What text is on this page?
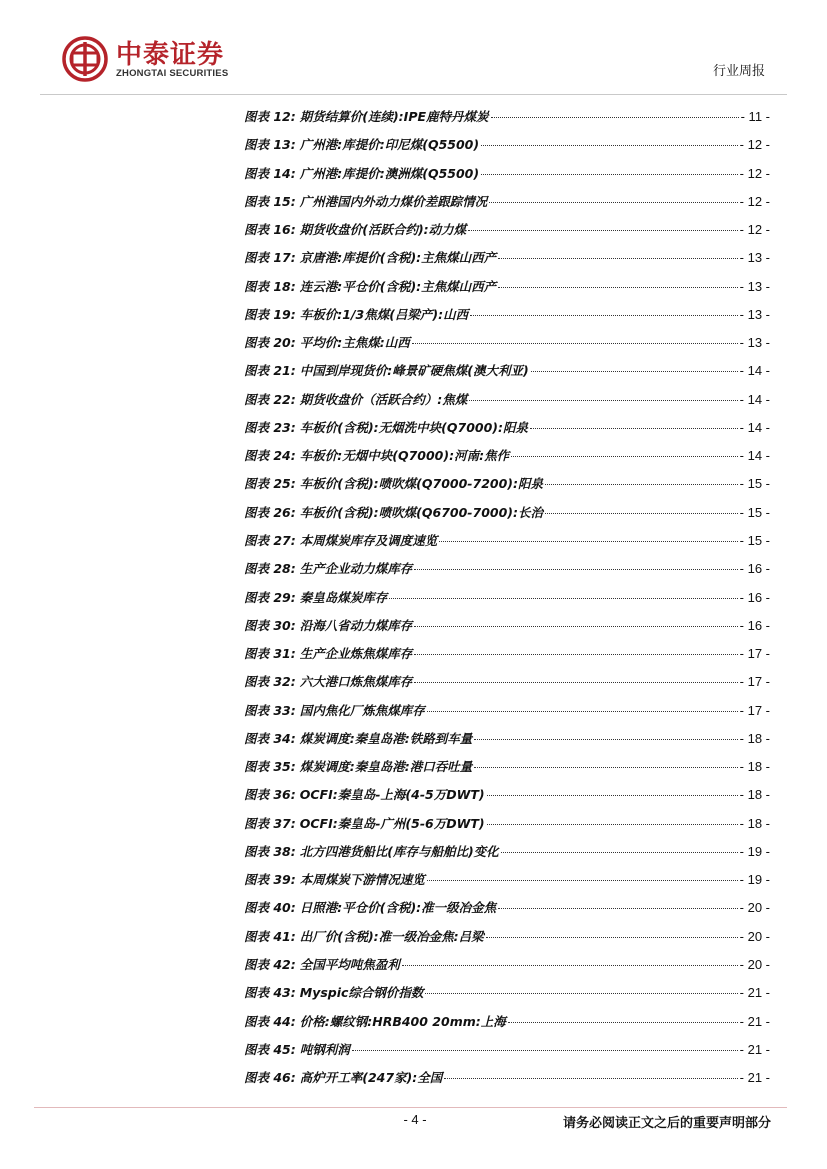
中泰证券
ZHONGTAI SECURITIES	行业周报
图表 12: 期货结算价(连续):IPE鹿特丹煤炭	- 11 -
图表 13: 广州港:库提价:印尼煤(Q5500)	- 12 -
图表 14: 广州港:库提价:澳洲煤(Q5500)	- 12 -
图表 15: 广州港国内外动力煤价差跟踪情况	- 12 -
图表 16: 期货收盘价(活跃合约):动力煤	- 12 -
图表 17: 京唐港:库提价(含税):主焦煤山西产	- 13 -
图表 18: 连云港:平仓价(含税):主焦煤山西产	- 13 -
图表 19: 车板价:1/3焦煤(吕梁产):山西	- 13 -
图表 20: 平均价:主焦煤:山西	- 13 -
图表 21: 中国到岸现货价:峰景矿硬焦煤(澳大利亚)	- 14 -
图表 22: 期货收盘价（活跃合约）:焦煤	- 14 -
图表 23: 车板价(含税):无烟洗中块(Q7000):阳泉	- 14 -
图表 24: 车板价:无烟中块(Q7000):河南:焦作	- 14 -
图表 25: 车板价(含税):喷吹煤(Q7000-7200):阳泉	- 15 -
图表 26: 车板价(含税):喷吹煤(Q6700-7000):长治	- 15 -
图表 27: 本周煤炭库存及调度速览	- 15 -
图表 28: 生产企业动力煤库存	- 16 -
图表 29: 秦皇岛煤炭库存	- 16 -
图表 30: 沿海八省动力煤库存	- 16 -
图表 31: 生产企业炼焦煤库存	- 17 -
图表 32: 六大港口炼焦煤库存	- 17 -
图表 33: 国内焦化厂炼焦煤库存	- 17 -
图表 34: 煤炭调度:秦皇岛港:铁路到车量	- 18 -
图表 35: 煤炭调度:秦皇岛港:港口吞吐量	- 18 -
图表 36: OCFI:秦皇岛-上海(4-5万DWT)	- 18 -
图表 37: OCFI:秦皇岛-广州(5-6万DWT)	- 18 -
图表 38: 北方四港货船比(库存与船舶比)变化	- 19 -
图表 39: 本周煤炭下游情况速览	- 19 -
图表 40: 日照港:平仓价(含税):准一级冶金焦	- 20 -
图表 41: 出厂价(含税):准一级冶金焦:吕梁	- 20 -
图表 42: 全国平均吨焦盈利	- 20 -
图表 43: Myspic综合钢价指数	- 21 -
图表 44: 价格:螺纹钢:HRB400 20mm:上海	- 21 -
图表 45: 吨钢利润	- 21 -
图表 46: 高炉开工率(247家):全国	- 21 -
- 4 -	请务必阅读正文之后的重要声明部分
